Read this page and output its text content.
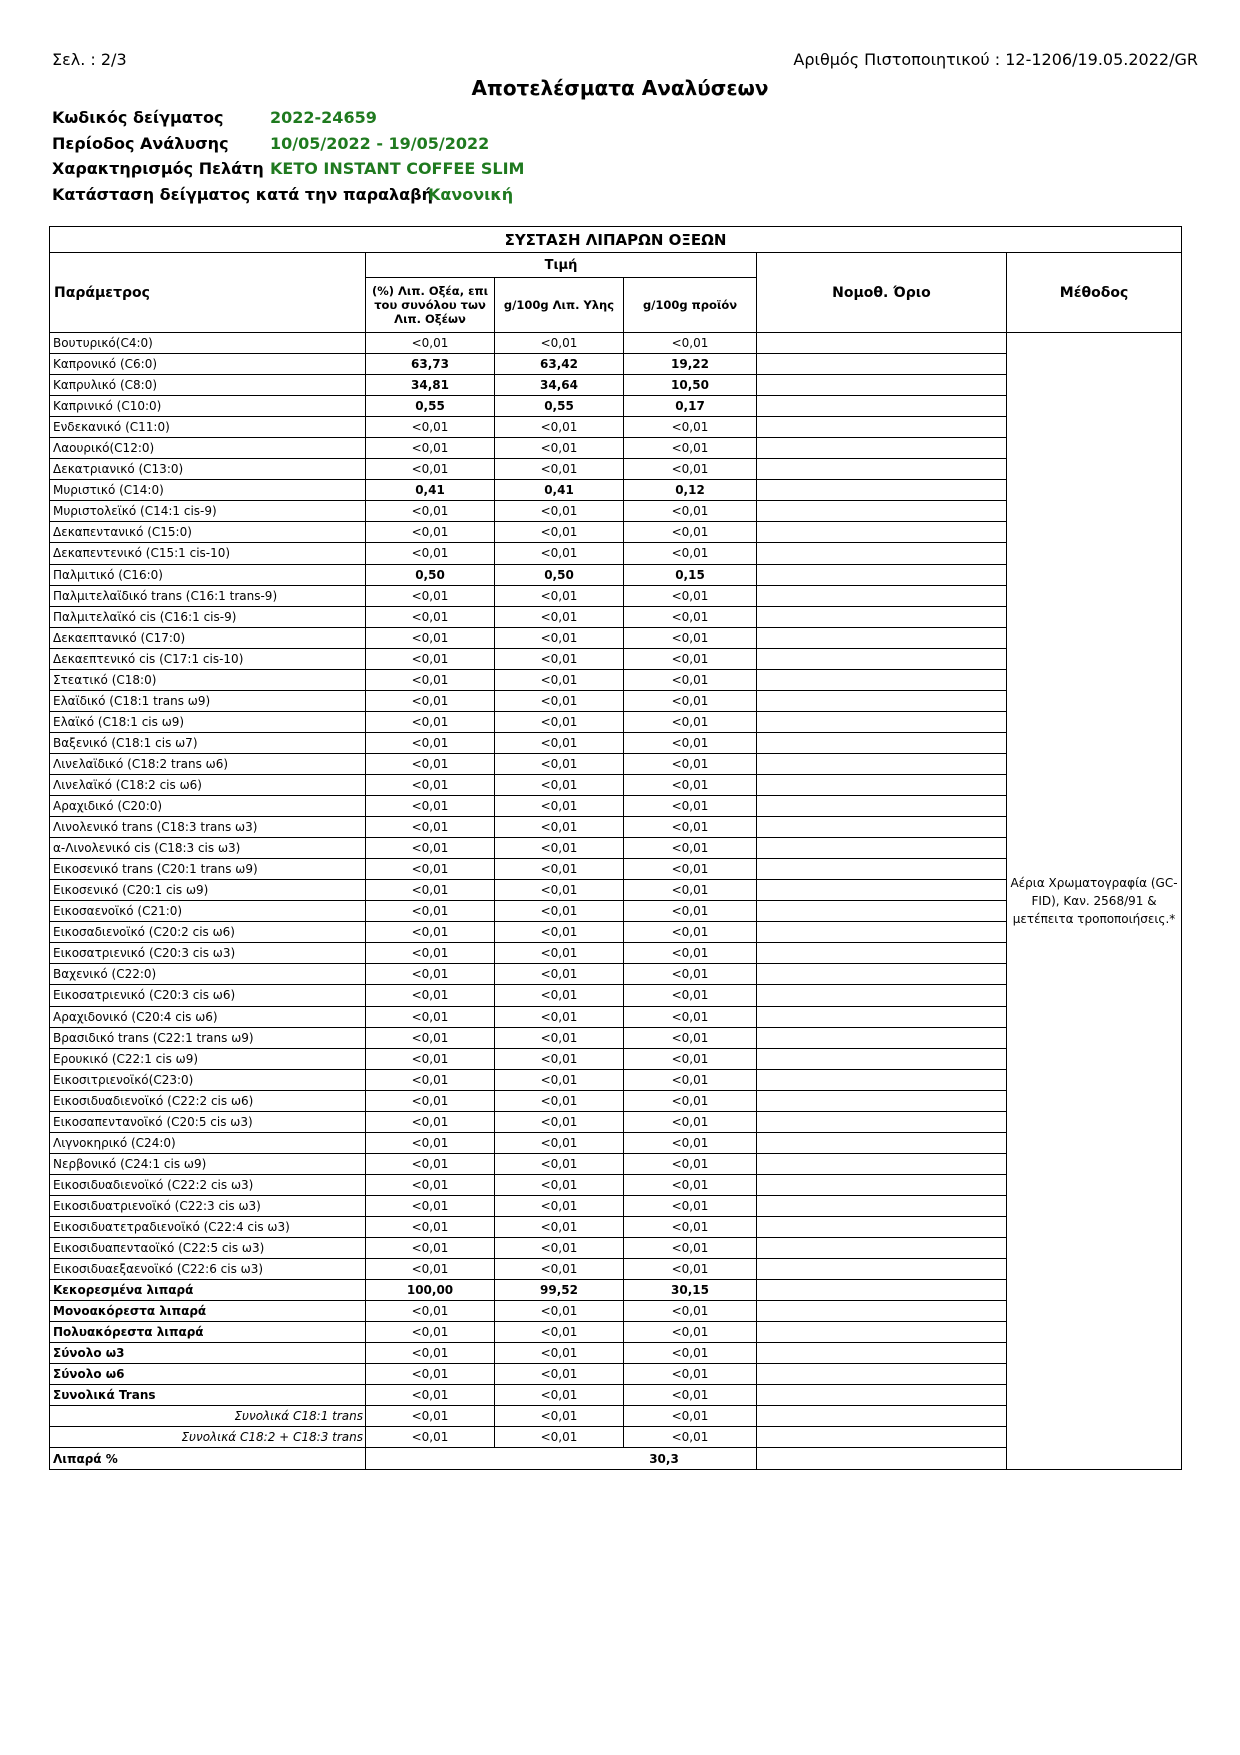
Σελ. : 2/3	Αριθμός Πιστοποιητικού : 12-1206/19.05.2022/GR
Αποτελέσματα Αναλύσεων
Κωδικός δείγματος	2022-24659
Περίοδος Ανάλυσης	10/05/2022 - 19/05/2022
Χαρακτηρισμός Πελάτη KETO INSTANT COFFEE SLIM
Κατάσταση δείγματος κατά την παραλαβή
Κανονική
ΣΥΣΤΑΣΗ ΛΙΠΑΡΩΝ ΟΞΕΩΝ					
Παράμετρος	Τιμή			Νομοθ. Όριο	Μέθοδος
	(%) Λιπ. Οξέα, επι του συνόλου των Λιπ. Οξέων	g/100g Λιπ. Υλης	g/100g προϊόν		
Βουτυρικό(C4:0)	<0,01	<0,01	<0,01		Αέρια Χρωματογραφία (GC-FID), Καν. 2568/91 & μετέπειτα τροποποιήσεις.*
Καπρονικό (C6:0)	63,73	63,42	19,22		
Καπρυλικό (C8:0)	34,81	34,64	10,50		
Καπρινικό (C10:0)	0,55	0,55	0,17		
Ενδεκανικό (C11:0)	<0,01	<0,01	<0,01		
Λαουρικό(C12:0)	<0,01	<0,01	<0,01		
Δεκατριανικό (C13:0)	<0,01	<0,01	<0,01		
Μυριστικό (C14:0)	0,41	0,41	0,12		
Μυριστολεϊκό (C14:1 cis-9)	<0,01	<0,01	<0,01		
Δεκαπεντανικό (C15:0)	<0,01	<0,01	<0,01		
Δεκαπεντενικό (C15:1 cis-10)	<0,01	<0,01	<0,01		
Παλμιτικό (C16:0)	0,50	0,50	0,15		
Παλμιτελαϊδικό trans (C16:1 trans-9)	<0,01	<0,01	<0,01		
Παλμιτελαϊκό cis (C16:1 cis-9)	<0,01	<0,01	<0,01		
Δεκαεπτανικό (C17:0)	<0,01	<0,01	<0,01		
Δεκαεπτενικό cis (C17:1 cis-10)	<0,01	<0,01	<0,01		
Στεατικό (C18:0)	<0,01	<0,01	<0,01		
Ελαϊδικό (C18:1 trans ω9)	<0,01	<0,01	<0,01		
Ελαϊκό (C18:1 cis ω9)	<0,01	<0,01	<0,01		
Βαξενικό (C18:1 cis ω7)	<0,01	<0,01	<0,01		
Λινελαϊδικό (C18:2 trans ω6)	<0,01	<0,01	<0,01		
Λινελαϊκό (C18:2 cis ω6)	<0,01	<0,01	<0,01		
Αραχιδικό (C20:0)	<0,01	<0,01	<0,01		
Λινολενικό trans (C18:3 trans ω3)	<0,01	<0,01	<0,01		
α-Λινολενικό cis (C18:3 cis ω3)	<0,01	<0,01	<0,01		
Εικοσενικό trans (C20:1 trans ω9)	<0,01	<0,01	<0,01		
Εικοσενικό (C20:1 cis ω9)	<0,01	<0,01	<0,01		
Εικοσαενοϊκό (C21:0)	<0,01	<0,01	<0,01		
Εικοσαδιενοϊκό (C20:2 cis ω6)	<0,01	<0,01	<0,01		
Εικοσατριενικό (C20:3 cis ω3)	<0,01	<0,01	<0,01		
Βαχενικό (C22:0)	<0,01	<0,01	<0,01		
Εικοσατριενικό (C20:3 cis ω6)	<0,01	<0,01	<0,01		
Αραχιδονικό (C20:4 cis ω6)	<0,01	<0,01	<0,01		
Βρασιδικό trans (C22:1 trans ω9)	<0,01	<0,01	<0,01		
Ερουκικό (C22:1 cis ω9)	<0,01	<0,01	<0,01		
Εικοσιτριενοϊκό(C23:0)	<0,01	<0,01	<0,01		
Εικοσιδυαδιενοϊκό (C22:2 cis ω6)	<0,01	<0,01	<0,01		
Εικοσαπεντανοϊκό (C20:5 cis ω3)	<0,01	<0,01	<0,01		
Λιγνοκηρικό (C24:0)	<0,01	<0,01	<0,01		
Νερβονικό (C24:1 cis ω9)	<0,01	<0,01	<0,01		
Εικοσιδυαδιενοϊκό (C22:2 cis ω3)	<0,01	<0,01	<0,01		
Εικοσιδυατριενοϊκό (C22:3 cis ω3)	<0,01	<0,01	<0,01		
Εικοσιδυατετραδιενοϊκό (C22:4 cis ω3)	<0,01	<0,01	<0,01		
Εικοσιδυαπενταοϊκό (C22:5 cis ω3)	<0,01	<0,01	<0,01		
Εικοσιδυαεξαενοϊκό (C22:6 cis ω3)	<0,01	<0,01	<0,01		
Κεκορεσμένα λιπαρά	100,00	99,52	30,15		
Μονοακόρεστα λιπαρά	<0,01	<0,01	<0,01		
Πολυακόρεστα λιπαρά	<0,01	<0,01	<0,01		
Σύνολο ω3	<0,01	<0,01	<0,01		
Σύνολο ω6	<0,01	<0,01	<0,01		
Συνολικά Trans	<0,01	<0,01	<0,01		
Συνολικά C18:1 trans	<0,01	<0,01	<0,01		
Συνολικά C18:2 + C18:3 trans	<0,01	<0,01	<0,01		
Λιπαρά %	30,3				
